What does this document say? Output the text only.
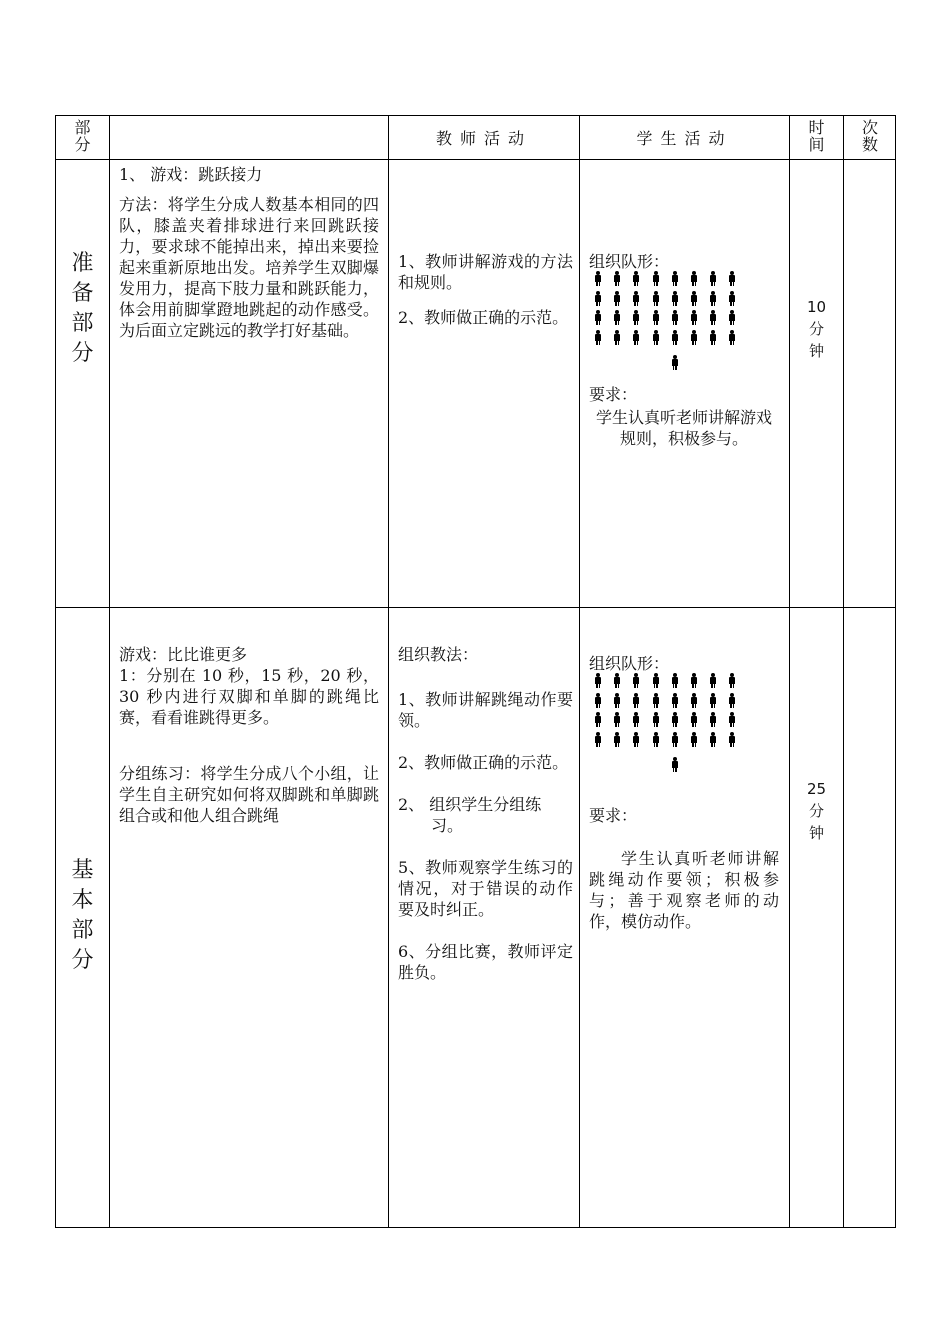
部分	教师活动	学生活动
时间
次数
准备部分
1、 游戏：跳跃接力
方法：将学生分成人数基本相同的四队，膝盖夹着排球进行来回跳跃接力，要求球不能掉出来，掉出来要捡起来重新原地出发。培养学生双脚爆发用力，提高下肢力量和跳跃能力，体会用前脚掌蹬地跳起的动作感受。为后面立定跳远的教学打好基础。
1、教师讲解游戏的方法和规则。
2、教师做正确的示范。
组织队形：
要求：
学生认真听老师讲解游戏规则，积极参与。
10
分钟
基本部分
游戏：比比谁更多
1：分别在 10 秒，15 秒，20 秒，30 秒内进行双脚和单脚的跳绳比赛，看看谁跳得更多。
分组练习：将学生分成八个小组，让学生自主研究如何将双脚跳和单脚跳组合或和他人组合跳绳
组织教法：
1、教师讲解跳绳动作要领。
2、教师做正确的示范。
2、 组织学生分组练习。
5、教师观察学生练习的情况，对于错误的动作要及时纠正。
6、分组比赛，教师评定胜负。
组织队形：
要求：
学生认真听老师讲解跳绳动作要领；积极参与；善于观察老师的动作，模仿动作。
25
分钟
